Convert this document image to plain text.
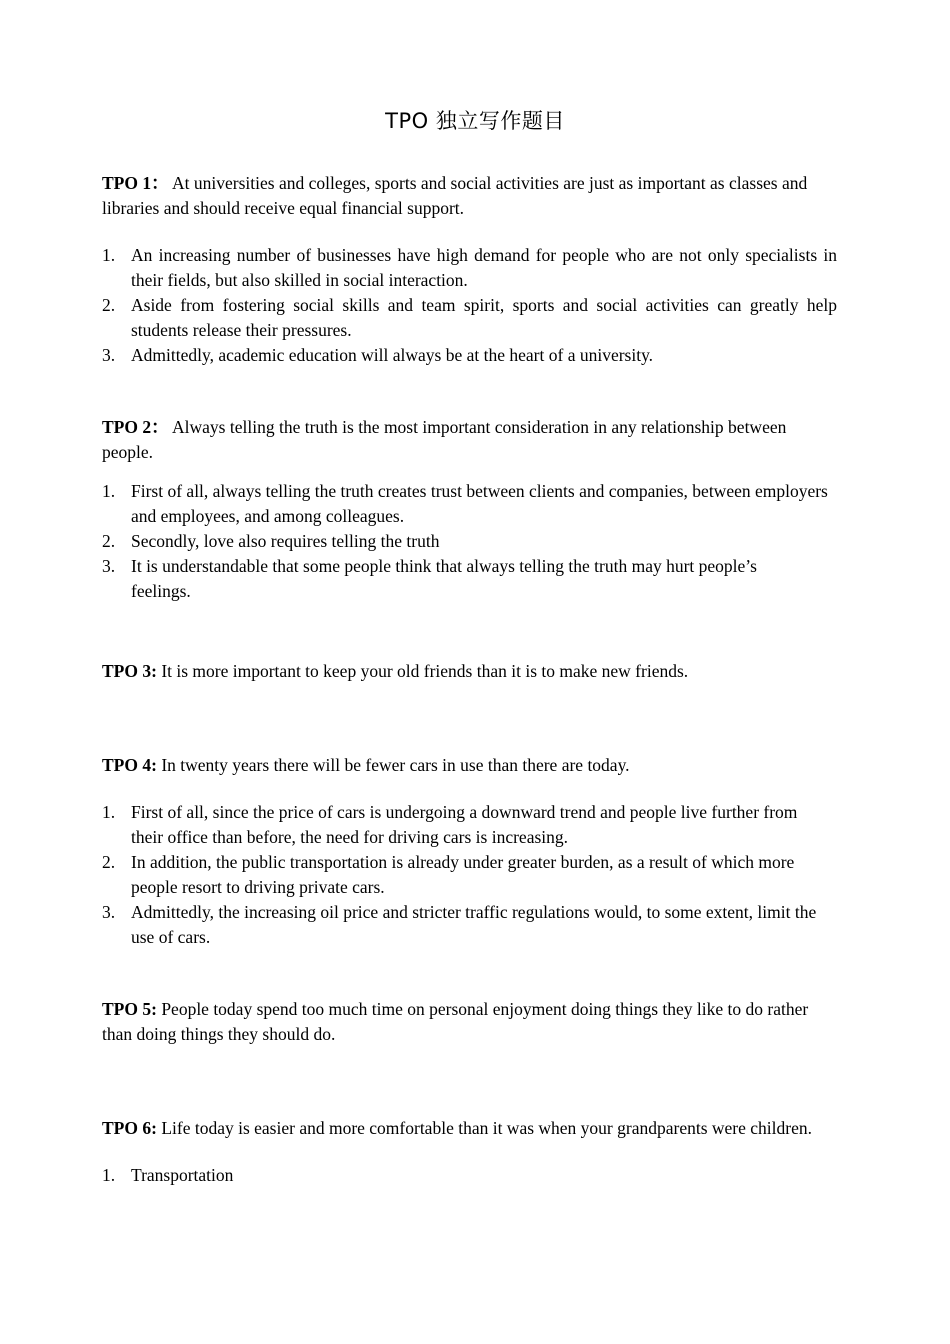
TPO 独立写作题目

TPO 1： At universities and colleges, sports and social activities are just as important as classes and libraries and should receive equal financial support.

1. An increasing number of businesses have high demand for people who are not only specialists in their fields, but also skilled in social interaction.
2. Aside from fostering social skills and team spirit, sports and social activities can greatly help students release their pressures.
3. Admittedly, academic education will always be at the heart of a university.

TPO 2： Always telling the truth is the most important consideration in any relationship between people.

1. First of all, always telling the truth creates trust between clients and companies, between employers and employees, and among colleagues.
2. Secondly, love also requires telling the truth
3. It is understandable that some people think that always telling the truth may hurt people’s feelings.

TPO 3: It is more important to keep your old friends than it is to make new friends.

TPO 4: In twenty years there will be fewer cars in use than there are today.

1. First of all, since the price of cars is undergoing a downward trend and people live further from their office than before, the need for driving cars is increasing.
2. In addition, the public transportation is already under greater burden, as a result of which more people resort to driving private cars.
3. Admittedly, the increasing oil price and stricter traffic regulations would, to some extent, limit the use of cars.

TPO 5: People today spend too much time on personal enjoyment doing things they like to do rather than doing things they should do.

TPO 6: Life today is easier and more comfortable than it was when your grandparents were children.

1. Transportation
